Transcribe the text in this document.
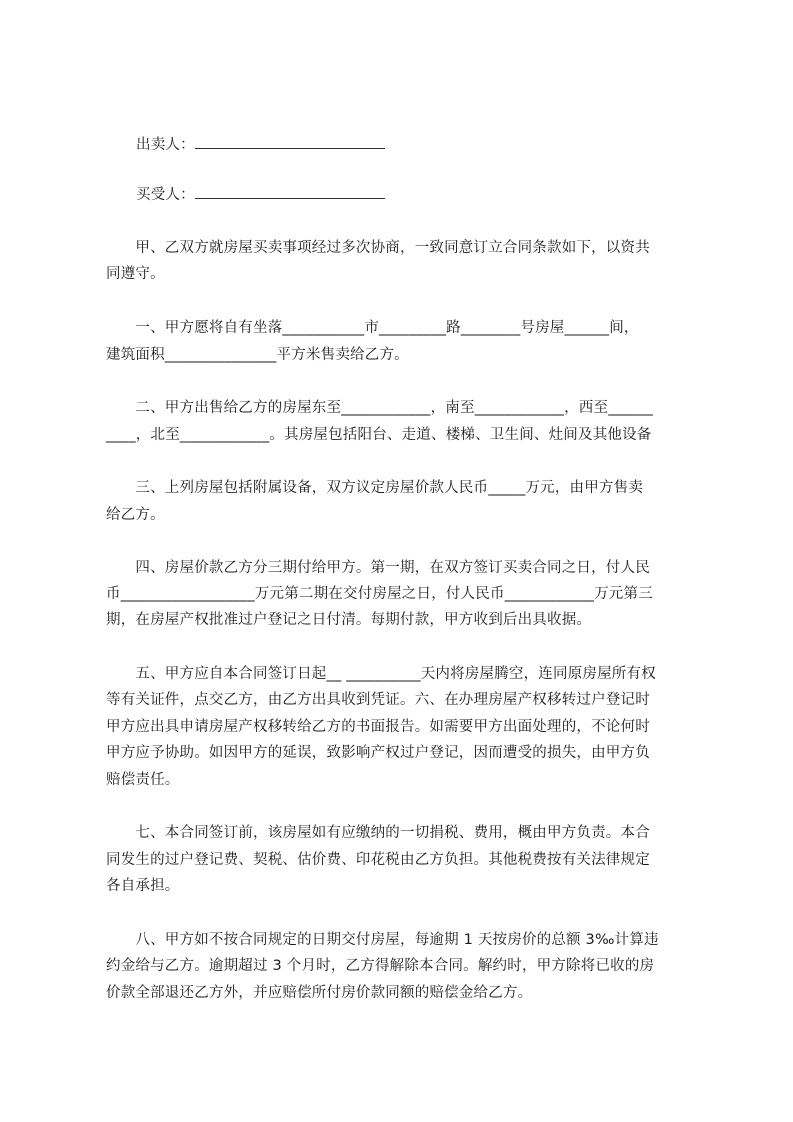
出卖人：
买受人：
　　甲、乙双方就房屋买卖事项经过多次协商，一致同意订立合同条款如下，以资共
同遵守。
　　一、甲方愿将自有坐落___________市_________路________号房屋______间，
建筑面积_______________平方米售卖给乙方。
　　二、甲方出售给乙方的房屋东至____________，南至____________，西至______
____，北至____________。其房屋包括阳台、走道、楼梯、卫生间、灶间及其他设备
　　三、上列房屋包括附属设备，双方议定房屋价款人民币_____万元，由甲方售卖
给乙方。
　　四、房屋价款乙方分三期付给甲方。第一期，在双方签订买卖合同之日，付人民
币__________________万元第二期在交付房屋之日，付人民币____________万元第三
期，在房屋产权批准过户登记之日付清。每期付款，甲方收到后出具收据。
　　五、甲方应自本合同签订日起__ __________天内将房屋腾空，连同原房屋所有权
等有关证件，点交乙方，由乙方出具收到凭证。六、在办理房屋产权移转过户登记时
甲方应出具申请房屋产权移转给乙方的书面报告。如需要甲方出面处理的，不论何时
甲方应予协助。如因甲方的延误，致影响产权过户登记，因而遭受的损失，由甲方负
赔偿责任。
　　七、本合同签订前，该房屋如有应缴纳的一切捐税、费用，概由甲方负责。本合
同发生的过户登记费、契税、估价费、印花税由乙方负担。其他税费按有关法律规定
各自承担。
　　八、甲方如不按合同规定的日期交付房屋，每逾期 1 天按房价的总额 3‰计算违
约金给与乙方。逾期超过 3 个月时，乙方得解除本合同。解约时，甲方除将已收的房
价款全部退还乙方外，并应赔偿所付房价款同额的赔偿金给乙方。
